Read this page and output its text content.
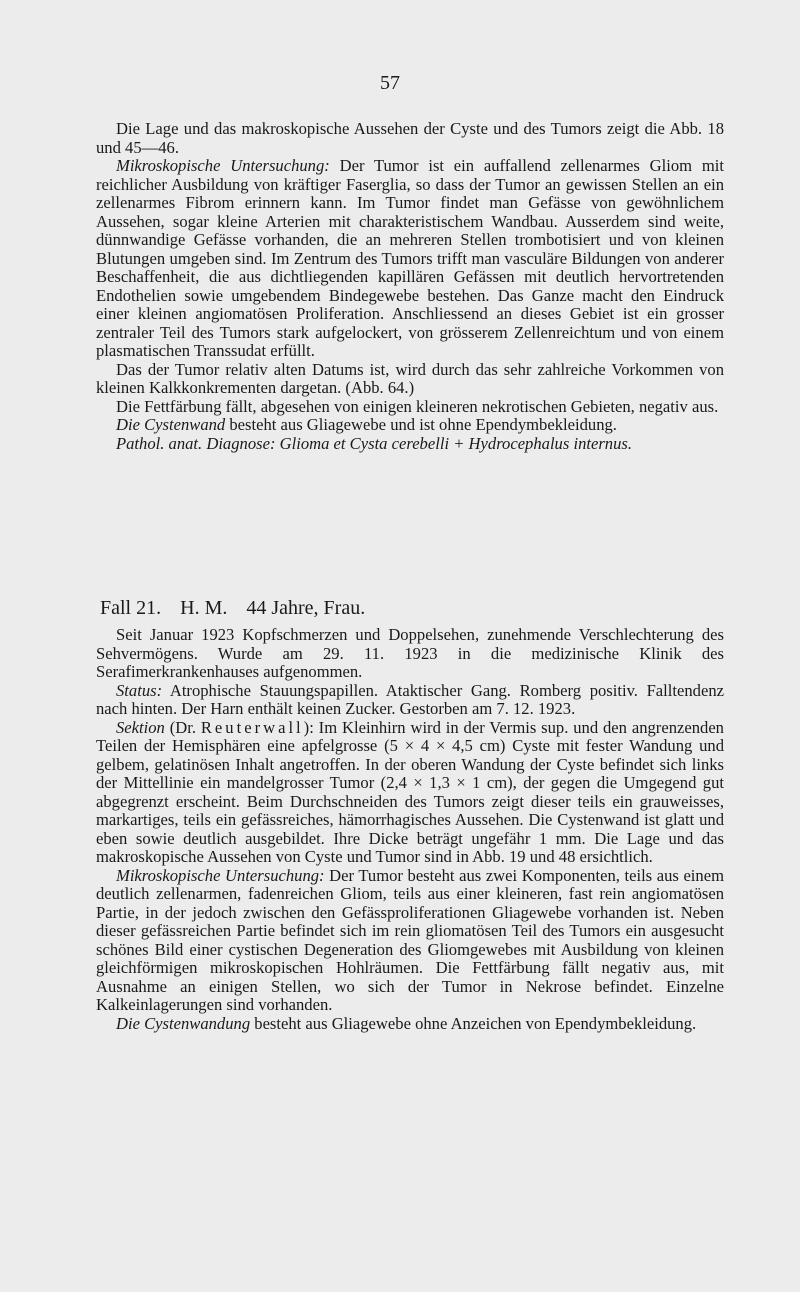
57

Die Lage und das makroskopische Aussehen der Cyste und des Tumors zeigt die Abb. 18 und 45—46.

Mikroskopische Untersuchung: Der Tumor ist ein auffallend zellenarmes Gliom mit reichlicher Ausbildung von kräftiger Faserglia, so dass der Tumor an gewissen Stellen an ein zellenarmes Fibrom erinnern kann. Im Tumor findet man Gefässe von gewöhnlichem Aussehen, sogar kleine Arterien mit charakteristischem Wandbau. Ausserdem sind weite, dünnwandige Gefässe vorhanden, die an mehreren Stellen trombotisiert und von kleinen Blutungen umgeben sind. Im Zentrum des Tumors trifft man vasculäre Bildungen von anderer Beschaffenheit, die aus dichtliegenden kapillären Gefässen mit deutlich hervortretenden Endothelien sowie umgebendem Bindegewebe bestehen. Das Ganze macht den Eindruck einer kleinen angiomatösen Proliferation. Anschliessend an dieses Gebiet ist ein grosser zentraler Teil des Tumors stark aufgelockert, von grösserem Zellenreichtum und von einem plasmatischen Transsudat erfüllt.

Das der Tumor relativ alten Datums ist, wird durch das sehr zahlreiche Vorkommen von kleinen Kalkkonkrementen dargetan. (Abb. 64.)

Die Fettfärbung fällt, abgesehen von einigen kleineren nekrotischen Gebieten, negativ aus.

Die Cystenwand besteht aus Gliagewebe und ist ohne Ependymbekleidung.

Pathol. anat. Diagnose: Glioma et Cysta cerebelli + Hydrocephalus internus.

Fall 21. H. M. 44 Jahre, Frau.

Seit Januar 1923 Kopfschmerzen und Doppelsehen, zunehmende Verschlechterung des Sehvermögens. Wurde am 29. 11. 1923 in die medizinische Klinik des Serafimerkrankenhauses aufgenommen.

Status: Atrophische Stauungspapillen. Ataktischer Gang. Romberg positiv. Falltendenz nach hinten. Der Harn enthält keinen Zucker. Gestorben am 7. 12. 1923.

Sektion (Dr. Reuterwall): Im Kleinhirn wird in der Vermis sup. und den angrenzenden Teilen der Hemisphären eine apfelgrosse (5 × 4 × 4,5 cm) Cyste mit fester Wandung und gelbem, gelatinösen Inhalt angetroffen. In der oberen Wandung der Cyste befindet sich links der Mittellinie ein mandelgrosser Tumor (2,4 × 1,3 × 1 cm), der gegen die Umgegend gut abgegrenzt erscheint. Beim Durchschneiden des Tumors zeigt dieser teils ein grauweisses, markartiges, teils ein gefässreiches, hämorrhagisches Aussehen. Die Cystenwand ist glatt und eben sowie deutlich ausgebildet. Ihre Dicke beträgt ungefähr 1 mm. Die Lage und das makroskopische Aussehen von Cyste und Tumor sind in Abb. 19 und 48 ersichtlich.

Mikroskopische Untersuchung: Der Tumor besteht aus zwei Komponenten, teils aus einem deutlich zellenarmen, fadenreichen Gliom, teils aus einer kleineren, fast rein angiomatösen Partie, in der jedoch zwischen den Gefässproliferationen Gliagewebe vorhanden ist. Neben dieser gefässreichen Partie befindet sich im rein gliomatösen Teil des Tumors ein ausgesucht schönes Bild einer cystischen Degeneration des Gliomgewebes mit Ausbildung von kleinen gleichförmigen mikroskopischen Hohlräumen. Die Fettfärbung fällt negativ aus, mit Ausnahme an einigen Stellen, wo sich der Tumor in Nekrose befindet. Einzelne Kalkeinlagerungen sind vorhanden.

Die Cystenwandung besteht aus Gliagewebe ohne Anzeichen von Ependymbekleidung.
